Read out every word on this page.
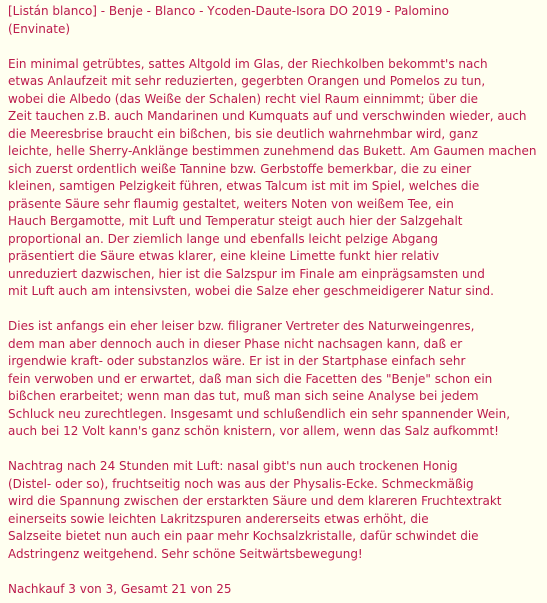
[Listán blanco] - Benje - Blanco - Ycoden-Daute-Isora DO 2019 - Palomino
(Envinate)
Ein minimal getrübtes, sattes Altgold im Glas, der Riechkolben bekommt's nach
etwas Anlaufzeit mit sehr reduzierten, gegerbten Orangen und Pomelos zu tun,
wobei die Albedo (das Weiße der Schalen) recht viel Raum einnimmt; über die
Zeit tauchen z.B. auch Mandarinen und Kumquats auf und verschwinden wieder, auch
die Meeresbrise braucht ein bißchen, bis sie deutlich wahrnehmbar wird, ganz
leichte, helle Sherry-Anklänge bestimmen zunehmend das Bukett. Am Gaumen machen
sich zuerst ordentlich weiße Tannine bzw. Gerbstoffe bemerkbar, die zu einer
kleinen, samtigen Pelzigkeit führen, etwas Talcum ist mit im Spiel, welches die
präsente Säure sehr flaumig gestaltet, weiters Noten von weißem Tee, ein
Hauch Bergamotte, mit Luft und Temperatur steigt auch hier der Salzgehalt
proportional an. Der ziemlich lange und ebenfalls leicht pelzige Abgang
präsentiert die Säure etwas klarer, eine kleine Limette funkt hier relativ
unreduziert dazwischen, hier ist die Salzspur im Finale am einprägsamsten und
mit Luft auch am intensivsten, wobei die Salze eher geschmeidigerer Natur sind.
Dies ist anfangs ein eher leiser bzw. filigraner Vertreter des Naturweingenres,
dem man aber dennoch auch in dieser Phase nicht nachsagen kann, daß er
irgendwie kraft- oder substanzlos wäre. Er ist in der Startphase einfach sehr
fein verwoben und er erwartet, daß man sich die Facetten des "Benje" schon ein
bißchen erarbeitet; wenn man das tut, muß man sich seine Analyse bei jedem
Schluck neu zurechtlegen. Insgesamt und schlußendlich ein sehr spannender Wein,
auch bei 12 Volt kann's ganz schön knistern, vor allem, wenn das Salz aufkommt!
Nachtrag nach 24 Stunden mit Luft: nasal gibt's nun auch trockenen Honig
(Distel- oder so), fruchtseitig noch was aus der Physalis-Ecke. Schmeckmäßig
wird die Spannung zwischen der erstarkten Säure und dem klareren Fruchtextrakt
einerseits sowie leichten Lakritzspuren andererseits etwas erhöht, die
Salzseite bietet nun auch ein paar mehr Kochsalzkristalle, dafür schwindet die
Adstringenz weitgehend. Sehr schöne Seitwärtsbewegung!
Nachkauf 3 von 3, Gesamt 21 von 25
